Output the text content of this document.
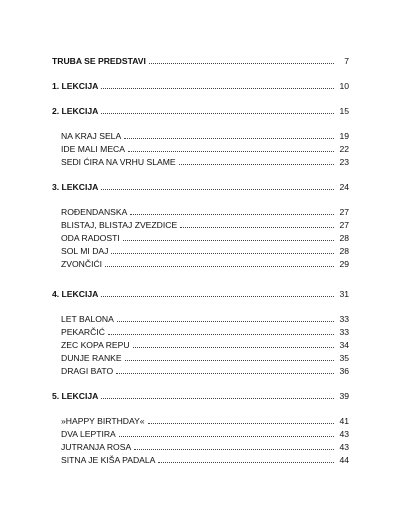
TRUBA SE PREDSTAVI	7
1. LEKCIJA	10
2. LEKCIJA	15
NA KRAJ SELA	19
IDE MALI MECA	22
SEDI ĆIRA NA VRHU SLAME	23
3. LEKCIJA	24
ROĐENDANSKA	27
BLISTAJ, BLISTAJ ZVEZDICE	27
ODA RADOSTI	28
SOL MI DAJ	28
ZVONČIĆI	29
4. LEKCIJA	31
LET BALONA	33
PEKARČIĆ	33
ZEC KOPA REPU	34
DUNJE RANKE	35
DRAGI BATO	36
5. LEKCIJA	39
»HAPPY BIRTHDAY«	41
DVA LEPTIRA	43
JUTRANJA ROSA	43
SITNA JE KIŠA PADALA	44
